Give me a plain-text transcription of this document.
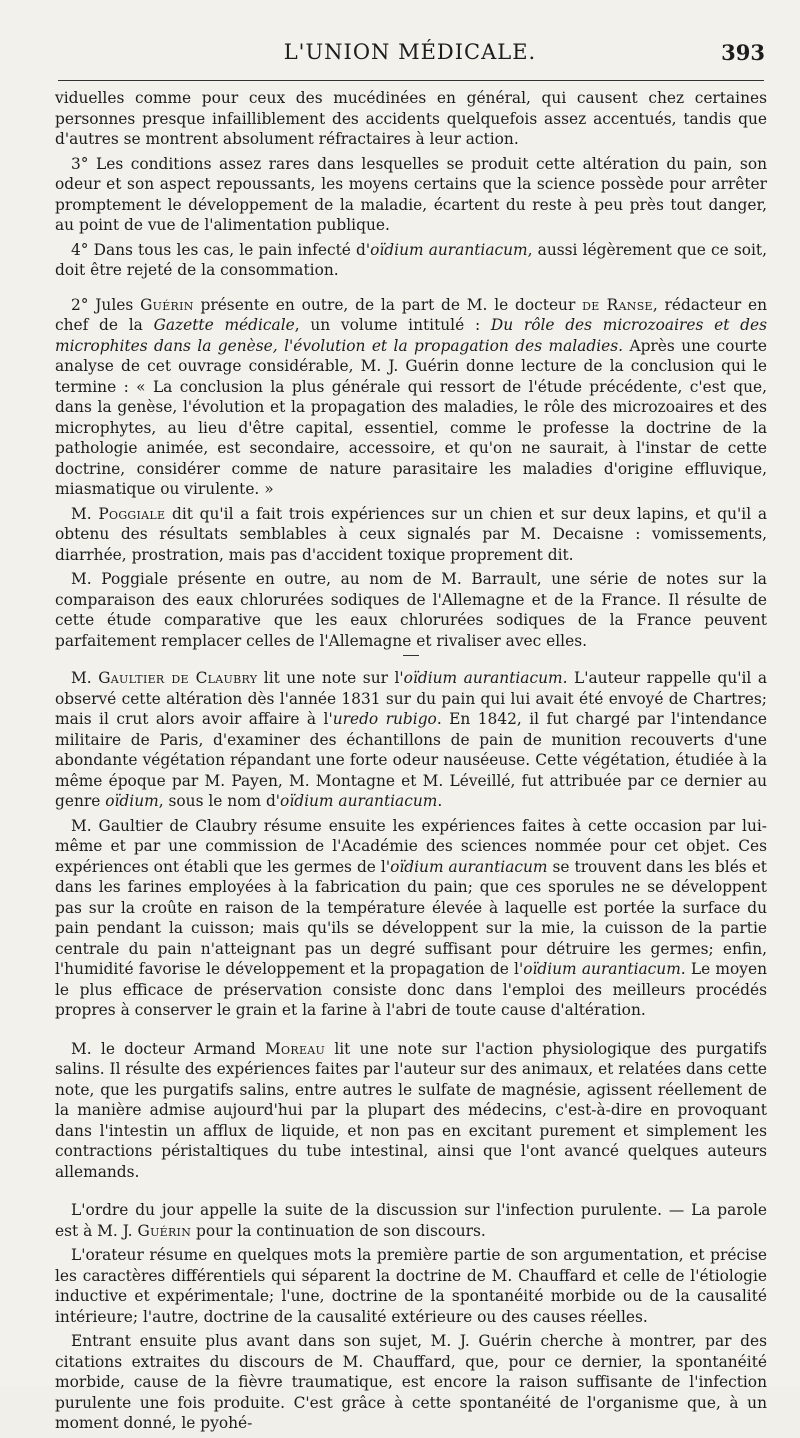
L'UNION MÉDICALE.	393

viduelles comme pour ceux des mucédinées en général, qui causent chez certaines personnes presque infailliblement des accidents quelquefois assez accentués, tandis que d'autres se montrent absolument réfractaires à leur action.

3° Les conditions assez rares dans lesquelles se produit cette altération du pain, son odeur et son aspect repoussants, les moyens certains que la science possède pour arrêter promptement le développement de la maladie, écartent du reste à peu près tout danger, au point de vue de l'alimentation publique.

4° Dans tous les cas, le pain infecté d'oïdium aurantiacum, aussi légèrement que ce soit, doit être rejeté de la consommation.

2° Jules Guérin présente en outre, de la part de M. le docteur de Ranse, rédacteur en chef de la Gazette médicale, un volume intitulé : Du rôle des microzoaires et des microphites dans la genèse, l'évolution et la propagation des maladies. Après une courte analyse de cet ouvrage considérable, M. J. Guérin donne lecture de la conclusion qui le termine : « La conclusion la plus générale qui ressort de l'étude précédente, c'est que, dans la genèse, l'évolution et la propagation des maladies, le rôle des microzoaires et des microphytes, au lieu d'être capital, essentiel, comme le professe la doctrine de la pathologie animée, est secondaire, accessoire, et qu'on ne saurait, à l'instar de cette doctrine, considérer comme de nature parasitaire les maladies d'origine effluvique, miasmatique ou virulente. »

M. Poggiale dit qu'il a fait trois expériences sur un chien et sur deux lapins, et qu'il a obtenu des résultats semblables à ceux signalés par M. Decaisne : vomissements, diarrhée, prostration, mais pas d'accident toxique proprement dit.

M. Poggiale présente en outre, au nom de M. Barrault, une série de notes sur la comparaison des eaux chlorurées sodiques de l'Allemagne et de la France. Il résulte de cette étude comparative que les eaux chlorurées sodiques de la France peuvent parfaitement remplacer celles de l'Allemagne et rivaliser avec elles.

M. Gaultier de Claubry lit une note sur l'oïdium aurantiacum. L'auteur rappelle qu'il a observé cette altération dès l'année 1831 sur du pain qui lui avait été envoyé de Chartres; mais il crut alors avoir affaire à l'uredo rubigo. En 1842, il fut chargé par l'intendance militaire de Paris, d'examiner des échantillons de pain de munition recouverts d'une abondante végétation répandant une forte odeur nauséeuse. Cette végétation, étudiée à la même époque par M. Payen, M. Montagne et M. Léveillé, fut attribuée par ce dernier au genre oïdium, sous le nom d'oïdium aurantiacum.

M. Gaultier de Claubry résume ensuite les expériences faites à cette occasion par lui-même et par une commission de l'Académie des sciences nommée pour cet objet. Ces expériences ont établi que les germes de l'oïdium aurantiacum se trouvent dans les blés et dans les farines employées à la fabrication du pain; que ces sporules ne se développent pas sur la croûte en raison de la température élevée à laquelle est portée la surface du pain pendant la cuisson; mais qu'ils se développent sur la mie, la cuisson de la partie centrale du pain n'atteignant pas un degré suffisant pour détruire les germes; enfin, l'humidité favorise le développement et la propagation de l'oïdium aurantiacum. Le moyen le plus efficace de préservation consiste donc dans l'emploi des meilleurs procédés propres à conserver le grain et la farine à l'abri de toute cause d'altération.

M. le docteur Armand Moreau lit une note sur l'action physiologique des purgatifs salins. Il résulte des expériences faites par l'auteur sur des animaux, et relatées dans cette note, que les purgatifs salins, entre autres le sulfate de magnésie, agissent réellement de la manière admise aujourd'hui par la plupart des médecins, c'est-à-dire en provoquant dans l'intestin un afflux de liquide, et non pas en excitant purement et simplement les contractions péristaltiques du tube intestinal, ainsi que l'ont avancé quelques auteurs allemands.

L'ordre du jour appelle la suite de la discussion sur l'infection purulente. — La parole est à M. J. Guérin pour la continuation de son discours.

L'orateur résume en quelques mots la première partie de son argumentation, et précise les caractères différentiels qui séparent la doctrine de M. Chauffard et celle de l'étiologie inductive et expérimentale; l'une, doctrine de la spontanéité morbide ou de la causalité intérieure; l'autre, doctrine de la causalité extérieure ou des causes réelles.

Entrant ensuite plus avant dans son sujet, M. J. Guérin cherche à montrer, par des citations extraites du discours de M. Chauffard, que, pour ce dernier, la spontanéité morbide, cause de la fièvre traumatique, est encore la raison suffisante de l'infection purulente une fois produite. C'est grâce à cette spontanéité de l'organisme que, à un moment donné, le pyohé-
